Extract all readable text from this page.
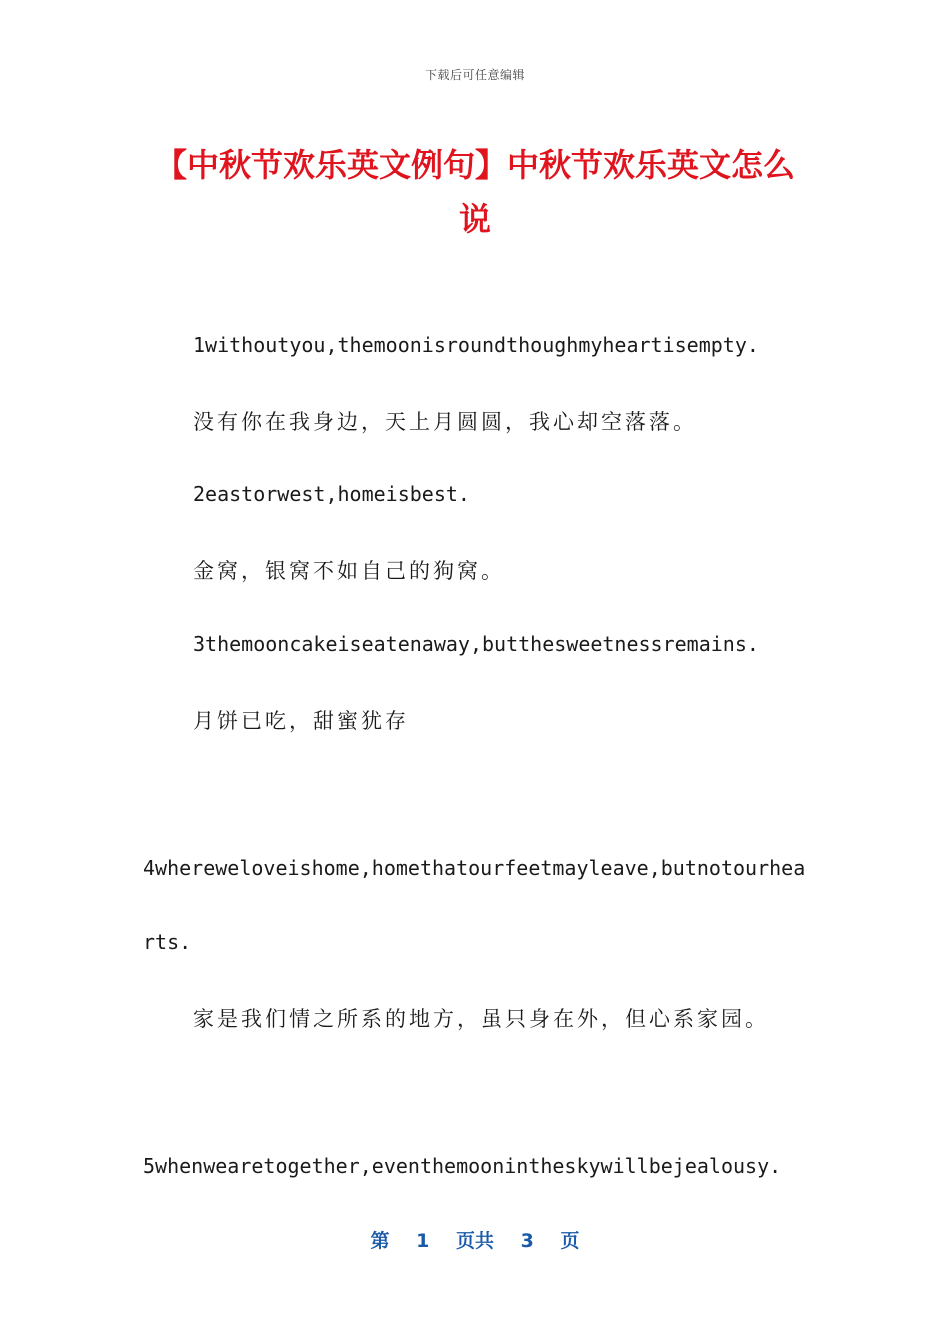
下载后可任意编辑
【中秋节欢乐英文例句】中秋节欢乐英文怎么说
1withoutyou,themoonisroundthoughmyheartisempty.
没有你在我身边，天上月圆圆，我心却空落落。
2eastorwest,homeisbest.
金窝，银窝不如自己的狗窝。
3themooncakeiseatenaway,butthesweetnessremains.
月饼已吃，甜蜜犹存
4whereweloveishome,homethatourfeetmayleave,butnotourhea
rts.
家是我们情之所系的地方，虽只身在外，但心系家园。
5whenwearetogether,eventhemoonintheskywillbejealousy.
第 1 页共 3 页
